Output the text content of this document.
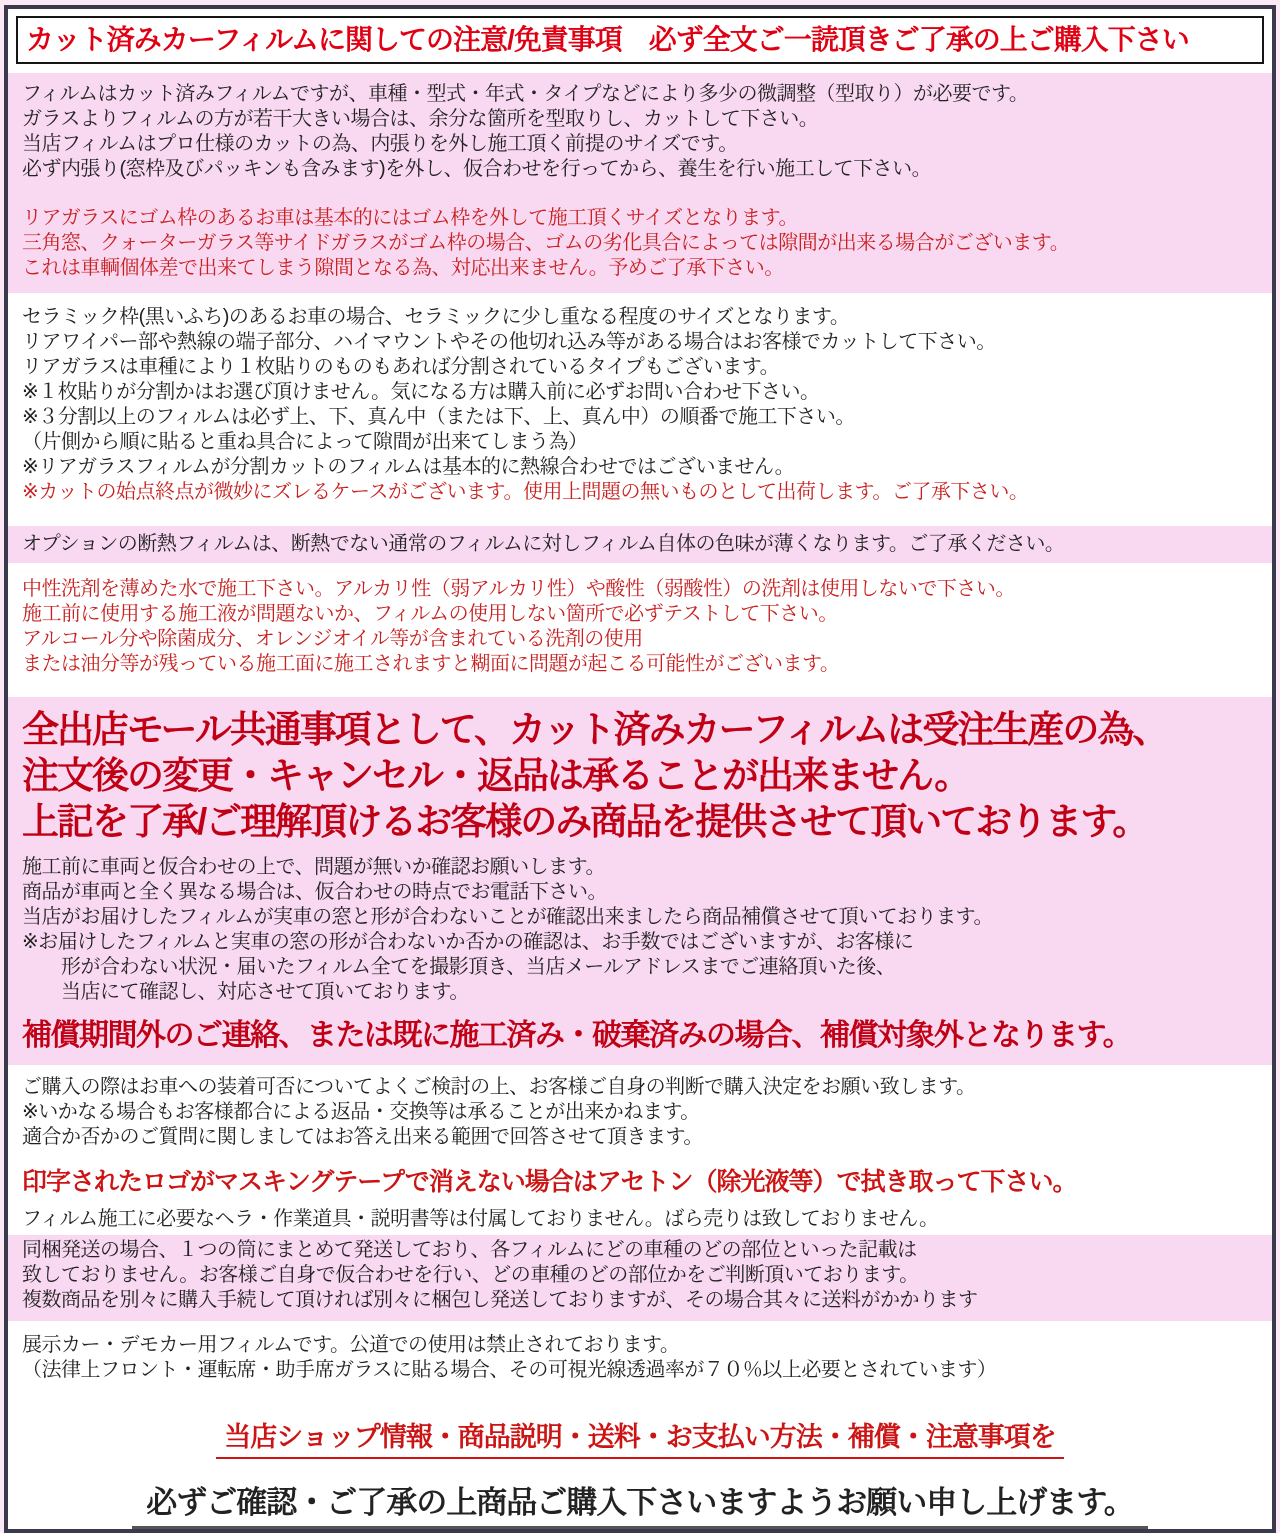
カット済みカーフィルムに関しての注意/免責事項　必ず全文ご一読頂きご了承の上ご購入下さい
フィルムはカット済みフィルムですが、車種・型式・年式・タイプなどにより多少の微調整（型取り）が必要です。
ガラスよりフィルムの方が若干大きい場合は、余分な箇所を型取りし、カットして下さい。
当店フィルムはプロ仕様のカットの為、内張りを外し施工頂く前提のサイズです。
必ず内張り(窓枠及びパッキンも含みます)を外し、仮合わせを行ってから、養生を行い施工して下さい。
リアガラスにゴム枠のあるお車は基本的にはゴム枠を外して施工頂くサイズとなります。
三角窓、クォーターガラス等サイドガラスがゴム枠の場合、ゴムの劣化具合によっては隙間が出来る場合がございます。
これは車輌個体差で出来てしまう隙間となる為、対応出来ません。予めご了承下さい。
セラミック枠(黒いふち)のあるお車の場合、セラミックに少し重なる程度のサイズとなります。
リアワイパー部や熱線の端子部分、ハイマウントやその他切れ込み等がある場合はお客様でカットして下さい。
リアガラスは車種により１枚貼りのものもあれば分割されているタイプもございます。
※１枚貼りが分割かはお選び頂けません。気になる方は購入前に必ずお問い合わせ下さい。
※３分割以上のフィルムは必ず上、下、真ん中（または下、上、真ん中）の順番で施工下さい。
（片側から順に貼ると重ね具合によって隙間が出来てしまう為）
※リアガラスフィルムが分割カットのフィルムは基本的に熱線合わせではございません。
※カットの始点終点が微妙にズレるケースがございます。使用上問題の無いものとして出荷します。ご了承下さい。
オプションの断熱フィルムは、断熱でない通常のフィルムに対しフィルム自体の色味が薄くなります。ご了承ください。
中性洗剤を薄めた水で施工下さい。アルカリ性（弱アルカリ性）や酸性（弱酸性）の洗剤は使用しないで下さい。
施工前に使用する施工液が問題ないか、フィルムの使用しない箇所で必ずテストして下さい。
アルコール分や除菌成分、オレンジオイル等が含まれている洗剤の使用
または油分等が残っている施工面に施工されますと糊面に問題が起こる可能性がございます。
全出店モール共通事項として、カット済みカーフィルムは受注生産の為、
注文後の変更・キャンセル・返品は承ることが出来ません。
上記を了承/ご理解頂けるお客様のみ商品を提供させて頂いております。
施工前に車両と仮合わせの上で、問題が無いか確認お願いします。
商品が車両と全く異なる場合は、仮合わせの時点でお電話下さい。
当店がお届けしたフィルムが実車の窓と形が合わないことが確認出来ましたら商品補償させて頂いております。
※お届けしたフィルムと実車の窓の形が合わないか否かの確認は、お手数ではございますが、お客様に
　　形が合わない状況・届いたフィルム全てを撮影頂き、当店メールアドレスまでご連絡頂いた後、
　　当店にて確認し、対応させて頂いております。
補償期間外のご連絡、または既に施工済み・破棄済みの場合、補償対象外となります。
ご購入の際はお車への装着可否についてよくご検討の上、お客様ご自身の判断で購入決定をお願い致します。
※いかなる場合もお客様都合による返品・交換等は承ることが出来かねます。
適合か否かのご質問に関しましてはお答え出来る範囲で回答させて頂きます。
印字されたロゴがマスキングテープで消えない場合はアセトン（除光液等）で拭き取って下さい。
フィルム施工に必要なヘラ・作業道具・説明書等は付属しておりません。ばら売りは致しておりません。
同梱発送の場合、１つの筒にまとめて発送しており、各フィルムにどの車種のどの部位といった記載は
致しておりません。お客様ご自身で仮合わせを行い、どの車種のどの部位かをご判断頂いております。
複数商品を別々に購入手続して頂ければ別々に梱包し発送しておりますが、その場合其々に送料がかかります
展示カー・デモカー用フィルムです。公道での使用は禁止されております。
（法律上フロント・運転席・助手席ガラスに貼る場合、その可視光線透過率が７０％以上必要とされています）
当店ショップ情報・商品説明・送料・お支払い方法・補償・注意事項を
必ずご確認・ご了承の上商品ご購入下さいますようお願い申し上げます。
